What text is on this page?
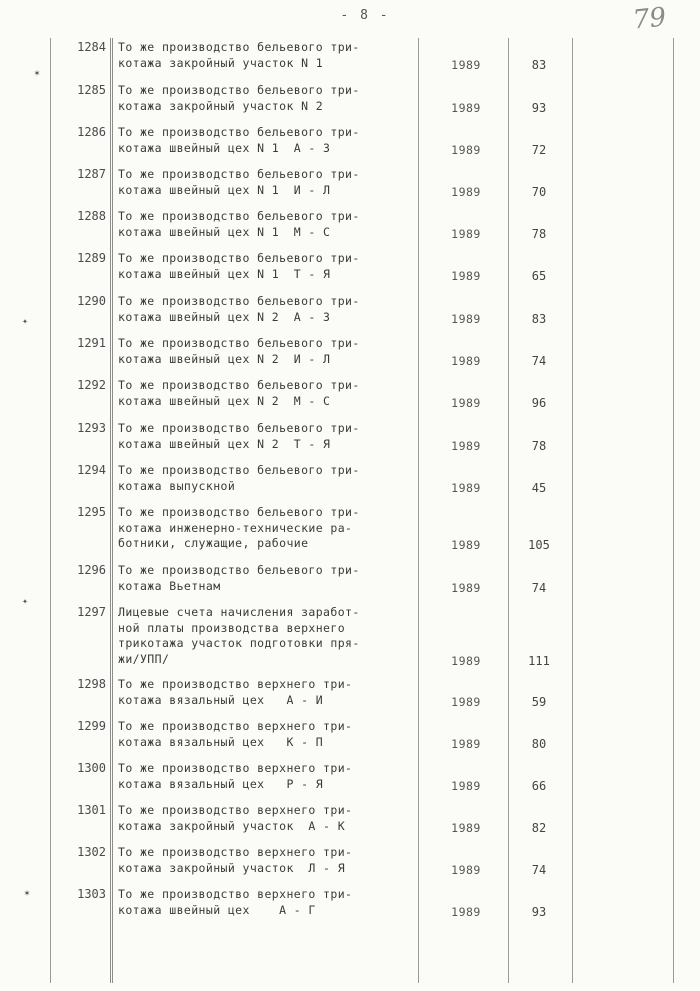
- 8 -	79
✶
✦
✦
✶
1284 То же производство бельевого три-
котажа закройный участок N 1	1989	83
1285 То же производство бельевого три-
котажа закройный участок N 2	1989	93
1286 То же производство бельевого три-
котажа швейный цех N 1  А - З	1989	72
1287 То же производство бельевого три-
котажа швейный цех N 1  И - Л	1989	70
1288 То же производство бельевого три-
котажа швейный цех N 1  М - С	1989	78
1289 То же производство бельевого три-
котажа швейный цех N 1  Т - Я	1989	65
1290 То же производство бельевого три-
котажа швейный цех N 2  А - З	1989	83
1291 То же производство бельевого три-
котажа швейный цех N 2  И - Л	1989	74
1292 То же производство бельевого три-
котажа швейный цех N 2  М - С	1989	96
1293 То же производство бельевого три-
котажа швейный цех N 2  Т - Я	1989	78
1294 То же производство бельевого три-
котажа выпускной	1989	45
1295 То же производство бельевого три-
котажа инженерно-технические ра-
ботники, служащие, рабочие	1989	105
1296 То же производство бельевого три-
котажа Вьетнам	1989	74
1297 Лицевые счета начисления заработ-
ной платы производства верхнего
трикотажа участок подготовки пря-
жи/УПП/	1989	111
1298 То же производство верхнего три-
котажа вязальный цех   А - И	1989	59
1299 То же производство верхнего три-
котажа вязальный цех   К - П	1989	80
1300 То же производство верхнего три-
котажа вязальный цех   Р - Я	1989	66
1301 То же производство верхнего три-
котажа закройный участок  А - К	1989	82
1302 То же производство верхнего три-
котажа закройный участок  Л - Я	1989	74
1303 То же производство верхнего три-
котажа швейный цех    А - Г	1989	93
